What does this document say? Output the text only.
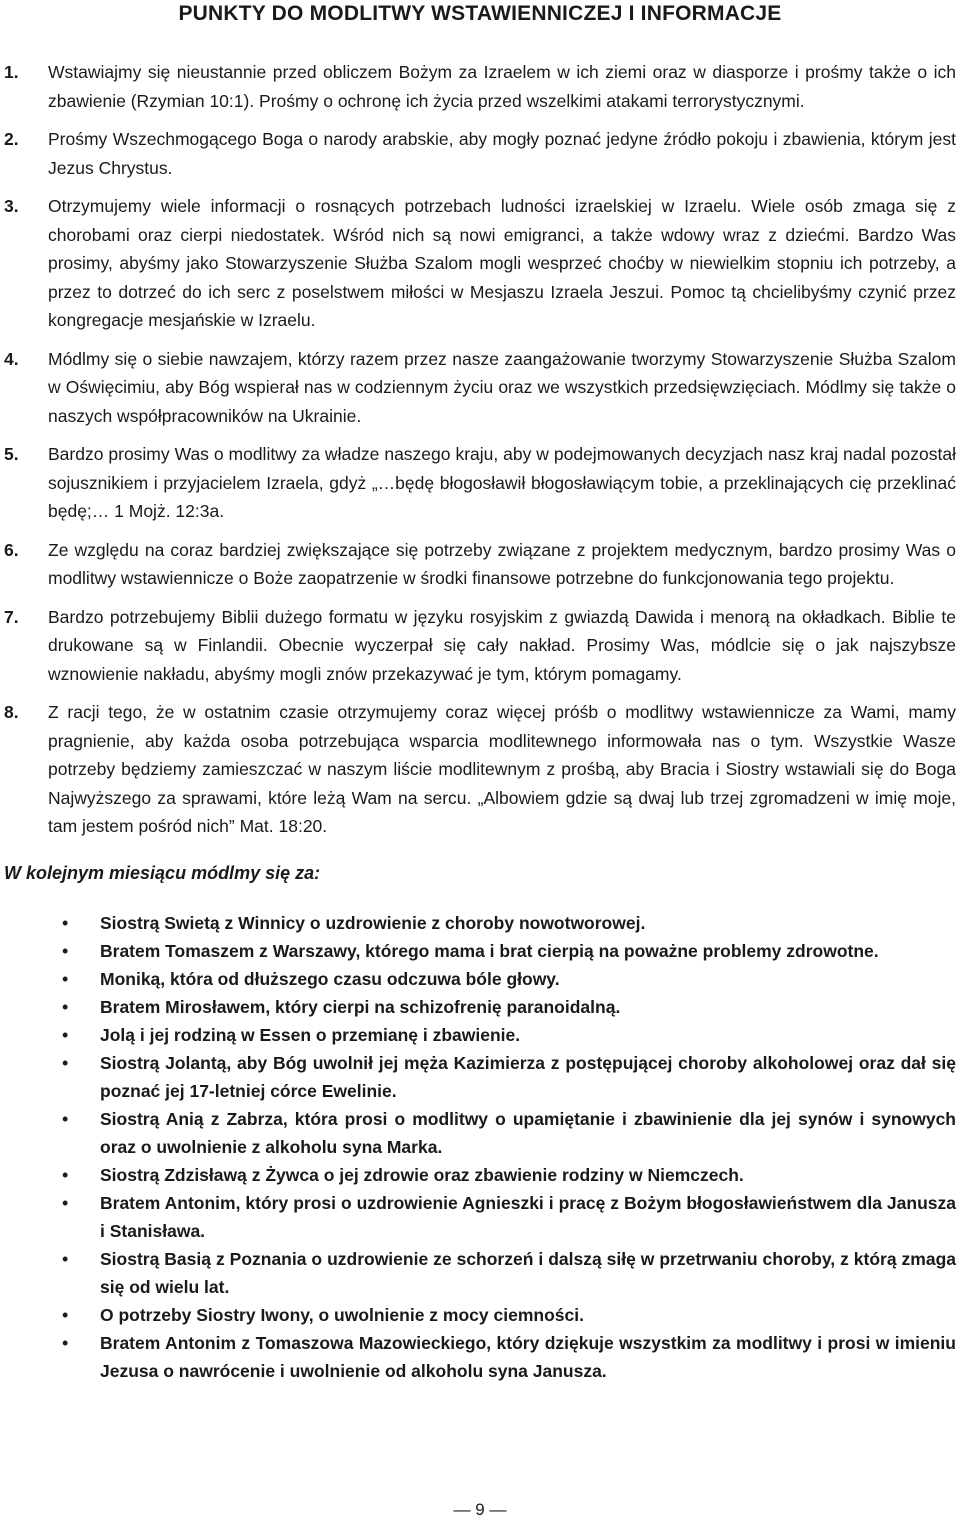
PUNKTY DO MODLITWY WSTAWIENNICZEJ I INFORMACJE
1.	Wstawiajmy się nieustannie przed obliczem Bożym za Izraelem w ich ziemi oraz w diasporze i prośmy także o ich zbawienie (Rzymian 10:1). Prośmy o ochronę ich życia przed wszelkimi atakami terrorystycznymi.
2.	Prośmy Wszechmogącego Boga o narody arabskie, aby mogły poznać jedyne źródło pokoju i zbawienia, którym jest Jezus Chrystus.
3.	Otrzymujemy wiele informacji o rosnących potrzebach ludności izraelskiej w Izraelu. Wiele osób zmaga się z chorobami oraz cierpi niedostatek. Wśród nich są nowi emigranci, a także wdowy wraz z dziećmi. Bardzo Was prosimy, abyśmy jako Stowarzyszenie Służba Szalom mogli wesprzeć choćby w niewielkim stopniu ich potrzeby, a przez to dotrzeć do ich serc z poselstwem miłości w Mesjaszu Izraela Jeszui. Pomoc tą chcielibyśmy czynić przez kongregacje mesjańskie w Izraelu.
4.	Módlmy się o siebie nawzajem, którzy razem przez nasze zaangażowanie tworzymy Stowarzyszenie Służba Szalom w Oświęcimiu, aby Bóg wspierał nas w codziennym życiu oraz we wszystkich przedsięwzięciach. Módlmy się także o naszych współpracowników na Ukrainie.
5.	Bardzo prosimy Was o modlitwy za władze naszego kraju, aby w podejmowanych decyzjach nasz kraj nadal pozostał sojusznikiem i przyjacielem Izraela, gdyż „…będę błogosławił błogosławiącym tobie, a przeklinających cię przeklinać będę;… 1 Mojż. 12:3a.
6.	Ze względu na coraz bardziej zwiększające się potrzeby związane z projektem medycznym, bardzo prosimy Was o modlitwy wstawiennicze o Boże zaopatrzenie w środki finansowe potrzebne do funkcjonowania tego projektu.
7.	Bardzo potrzebujemy Biblii dużego formatu w języku rosyjskim z gwiazdą Dawida i menorą na okładkach. Biblie te drukowane są w Finlandii. Obecnie wyczerpał się cały nakład. Prosimy Was, módlcie się o jak najszybsze wznowienie nakładu, abyśmy mogli znów przekazywać je tym, którym pomagamy.
8.	Z racji tego, że w ostatnim czasie otrzymujemy coraz więcej próśb o modlitwy wstawiennicze za Wami, mamy pragnienie, aby każda osoba potrzebująca wsparcia modlitewnego informowała nas o tym. Wszystkie Wasze potrzeby będziemy zamieszczać w naszym liście modlitewnym z prośbą, aby Bracia i Siostry wstawiali się do Boga Najwyższego za sprawami, które leżą Wam na sercu. „Albowiem gdzie są dwaj lub trzej zgromadzeni w imię moje, tam jestem pośród nich” Mat. 18:20.
W kolejnym miesiącu módlmy się za:
•	Siostrą Swietą z Winnicy o uzdrowienie z choroby nowotworowej.
•	Bratem Tomaszem z Warszawy, którego mama i brat cierpią na poważne problemy zdrowotne.
•	Moniką, która od dłuższego czasu odczuwa bóle głowy.
•	Bratem Mirosławem, który cierpi na schizofrenię paranoidalną.
•	Jolą i jej rodziną w Essen o przemianę i zbawienie.
•	Siostrą Jolantą, aby Bóg uwolnił jej męża Kazimierza z postępującej choroby alkoholowej oraz dał się poznać jej 17-letniej córce Ewelinie.
•	Siostrą Anią z Zabrza, która prosi o modlitwy o upamiętanie i zbawinienie dla jej synów i synowych oraz o uwolnienie z alkoholu syna Marka.
•	Siostrą Zdzisławą z Żywca o jej zdrowie oraz zbawienie rodziny w Niemczech.
•	Bratem Antonim, który prosi o uzdrowienie Agnieszki i pracę z Bożym błogosławieństwem dla Janusza i Stanisława.
•	Siostrą Basią z Poznania o uzdrowienie ze schorzeń i dalszą siłę w przetrwaniu choroby, z którą zmaga się od wielu lat.
•	O potrzeby Siostry Iwony, o uwolnienie z mocy ciemności.
•	Bratem Antonim z Tomaszowa Mazowieckiego, który dziękuje wszystkim za modlitwy i prosi w imieniu Jezusa o nawrócenie i uwolnienie od alkoholu syna Janusza.
— 9 —
